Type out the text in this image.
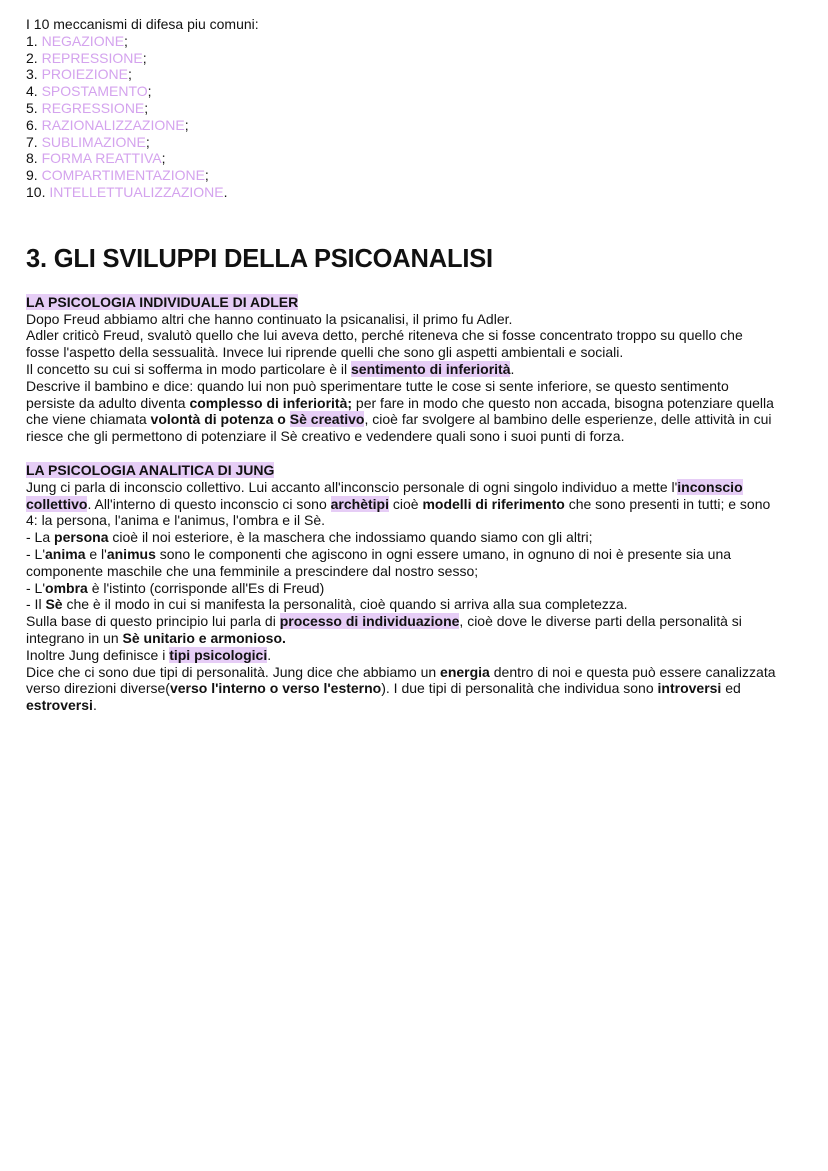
I 10 meccanismi di difesa piu comuni:
1. NEGAZIONE;
2. REPRESSIONE;
3. PROIEZIONE;
4. SPOSTAMENTO;
5. REGRESSIONE;
6. RAZIONALIZZAZIONE;
7. SUBLIMAZIONE;
8. FORMA REATTIVA;
9. COMPARTIMENTAZIONE;
10. INTELLETTUALIZZAZIONE.
3. GLI SVILUPPI DELLA PSICOANALISI
LA PSICOLOGIA INDIVIDUALE DI ADLER
Dopo Freud abbiamo altri che hanno continuato la psicanalisi, il primo fu Adler.
Adler criticò Freud, svalutò quello che lui aveva detto, perché riteneva che si fosse concentrato troppo su quello che fosse l'aspetto della sessualità. Invece lui riprende quelli che sono gli aspetti ambientali e sociali.
Il concetto su cui si sofferma in modo particolare è il sentimento di inferiorità.
Descrive il bambino e dice: quando lui non può sperimentare tutte le cose si sente inferiore, se questo sentimento persiste da adulto diventa complesso di inferiorità; per fare in modo che questo non accada, bisogna potenziare quella che viene chiamata volontà di potenza o Sè creativo, cioè far svolgere al bambino delle esperienze, delle attività in cui riesce che gli permettono di potenziare il Sè creativo e vedendere quali sono i suoi punti di forza.
LA PSICOLOGIA ANALITICA DI JUNG
Jung ci parla di inconscio collettivo. Lui accanto all'inconscio personale di ogni singolo individuo a mette l'inconscio collettivo. All'interno di questo inconscio ci sono archètipi cioè modelli di riferimento che sono presenti in tutti; e sono 4: la persona, l'anima e l'animus, l'ombra e il Sè.
- La persona cioè il noi esteriore, è la maschera che indossiamo quando siamo con gli altri;
- L'anima e l'animus sono le componenti che agiscono in ogni essere umano, in ognuno di noi è presente sia una componente maschile che una femminile a prescindere dal nostro sesso;
- L'ombra è l'istinto (corrisponde all'Es di Freud)
- Il Sè che è il modo in cui si manifesta la personalità, cioè quando si arriva alla sua completezza.
Sulla base di questo principio lui parla di processo di individuazione, cioè dove le diverse parti della personalità si integrano in un Sè unitario e armonioso.
Inoltre Jung definisce i tipi psicologici.
Dice che ci sono due tipi di personalità. Jung dice che abbiamo un energia dentro di noi e questa può essere canalizzata verso direzioni diverse(verso l'interno o verso l'esterno). I due tipi di personalità che individua sono introversi ed estroversi.
